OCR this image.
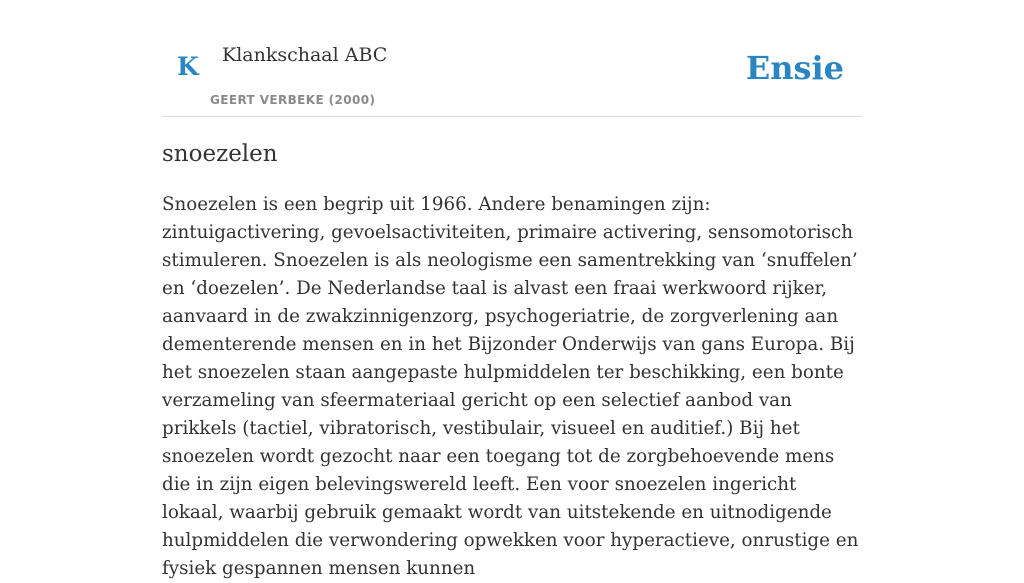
K Klankschaal ABC
GEERT VERBEKE (2000)
Ensie
snoezelen

Snoezelen is een begrip uit 1966. Andere benamingen zijn: zintuigactivering, gevoelsactiviteiten, primaire activering, sensomotorisch stimuleren. Snoezelen is als neologisme een samentrekking van ‘snuffelen’ en ‘doezelen’. De Nederlandse taal is alvast een fraai werkwoord rijker, aanvaard in de zwakzinnigenzorg, psychogeriatrie, de zorgverlening aan dementerende mensen en in het Bijzonder Onderwijs van gans Europa. Bij het snoezelen staan aangepaste hulpmiddelen ter beschikking, een bonte verzameling van sfeermateriaal gericht op een selectief aanbod van prikkels (tactiel, vibratorisch, vestibulair, visueel en auditief.) Bij het snoezelen wordt gezocht naar een toegang tot de zorgbehoevende mens die in zijn eigen belevingswereld leeft. Een voor snoezelen ingericht lokaal, waarbij gebruik gemaakt wordt van uitstekende en uitnodigende hulpmiddelen die verwondering opwekken voor hyperactieve, onrustige en fysiek gespannen mensen kunnen
